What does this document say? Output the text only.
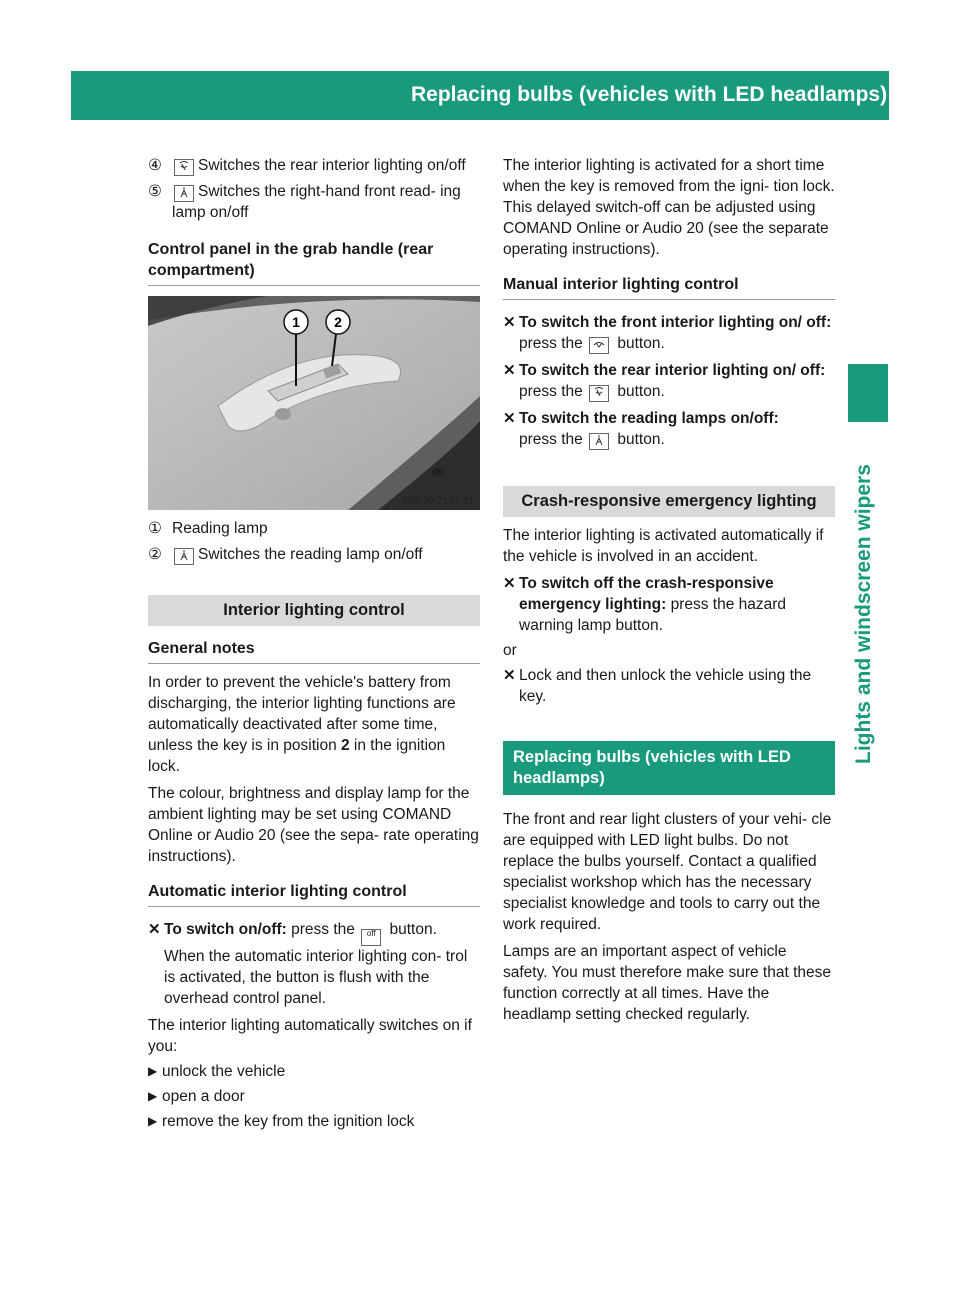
Replacing bulbs (vehicles with LED headlamps) 141
Lights and windscreen wipers
④	Switches the rear interior lighting on/off
⑤	Switches the right-hand front read- ing lamp on/off
Control panel in the grab handle (rear compartment)
1 2
P68.00-7141-31
① Reading lamp
②	Switches the reading lamp on/off
Interior lighting control
General notes

In order to prevent the vehicle's battery from discharging, the interior lighting functions are automatically deactivated after some time, unless the key is in position 2 in the ignition lock.

The colour, brightness and display lamp for the ambient lighting may be set using COMAND Online or Audio 20 (see the sepa- rate operating instructions).

Automatic interior lighting control
✕ To switch on/off: press the off button.
When the automatic interior lighting con- trol is activated, the button is flush with the overhead control panel.

The interior lighting automatically switches on if you:

▶ unlock the vehicle
▶ open a door
▶ remove the key from the ignition lock

The interior lighting is activated for a short time when the key is removed from the igni- tion lock. This delayed switch-off can be adjusted using COMAND Online or Audio 20 (see the separate operating instructions).

Manual interior lighting control
✕ To switch the front interior lighting on/ off: press the  button.
✕ To switch the rear interior lighting on/ off: press the  button.
✕ To switch the reading lamps on/off:
press the  button.
Crash-responsive emergency lighting

The interior lighting is activated automatically if the vehicle is involved in an accident.

✕ To switch off the crash-responsive emergency lighting: press the hazard warning lamp button.

or

✕ Lock and then unlock the vehicle using the key.
Replacing bulbs (vehicles with LED
headlamps)

The front and rear light clusters of your vehi- cle are equipped with LED light bulbs. Do not replace the bulbs yourself. Contact a qualified specialist workshop which has the necessary specialist knowledge and tools to carry out the work required.

Lamps are an important aspect of vehicle safety. You must therefore make sure that these function correctly at all times. Have the headlamp setting checked regularly.
